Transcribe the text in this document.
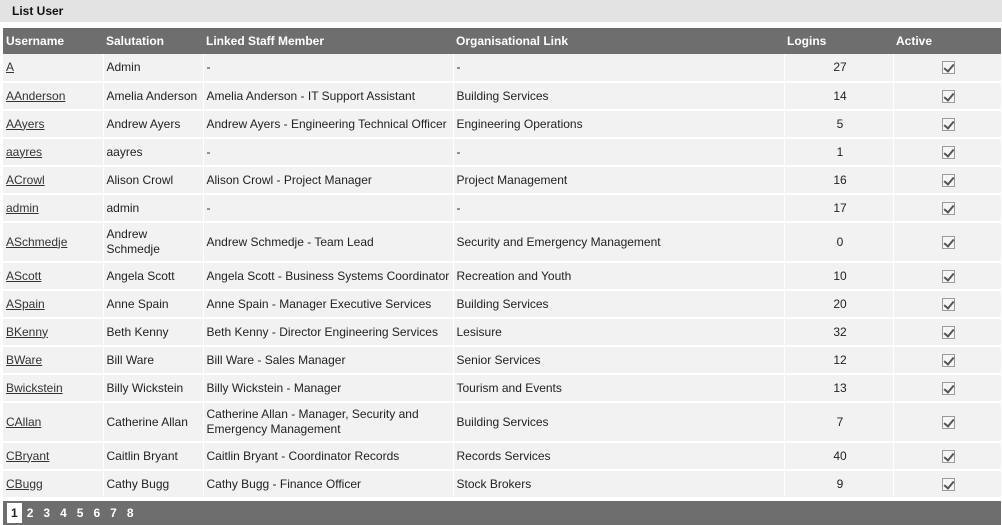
List User
Username	Salutation	Linked Staff Member	Organisational Link	Logins	Active
A	Admin	-	-	27	
AAnderson	Amelia Anderson	Amelia Anderson - IT Support Assistant	Building Services	14	
AAyers	Andrew Ayers	Andrew Ayers - Engineering Technical Officer	Engineering Operations	5	
aayres	aayres	-	-	1	
ACrowl	Alison Crowl	Alison Crowl - Project Manager	Project Management	16	
admin	admin	-	-	17	
ASchmedje	Andrew Schmedje	Andrew Schmedje - Team Lead	Security and Emergency Management	0	
AScott	Angela Scott	Angela Scott - Business Systems Coordinator	Recreation and Youth	10	
ASpain	Anne Spain	Anne Spain - Manager Executive Services	Building Services	20	
BKenny	Beth Kenny	Beth Kenny - Director Engineering Services	Lesisure	32	
BWare	Bill Ware	Bill Ware - Sales Manager	Senior Services	12	
Bwickstein	Billy Wickstein	Billy Wickstein - Manager	Tourism and Events	13	
CAllan	Catherine Allan	Catherine Allan - Manager, Security and Emergency Management	Building Services	7	
CBryant	Caitlin Bryant	Caitlin Bryant - Coordinator Records	Records Services	40	
CBugg	Cathy Bugg	Cathy Bugg - Finance Officer	Stock Brokers	9	
1 2 3 4 5 6 7 8
